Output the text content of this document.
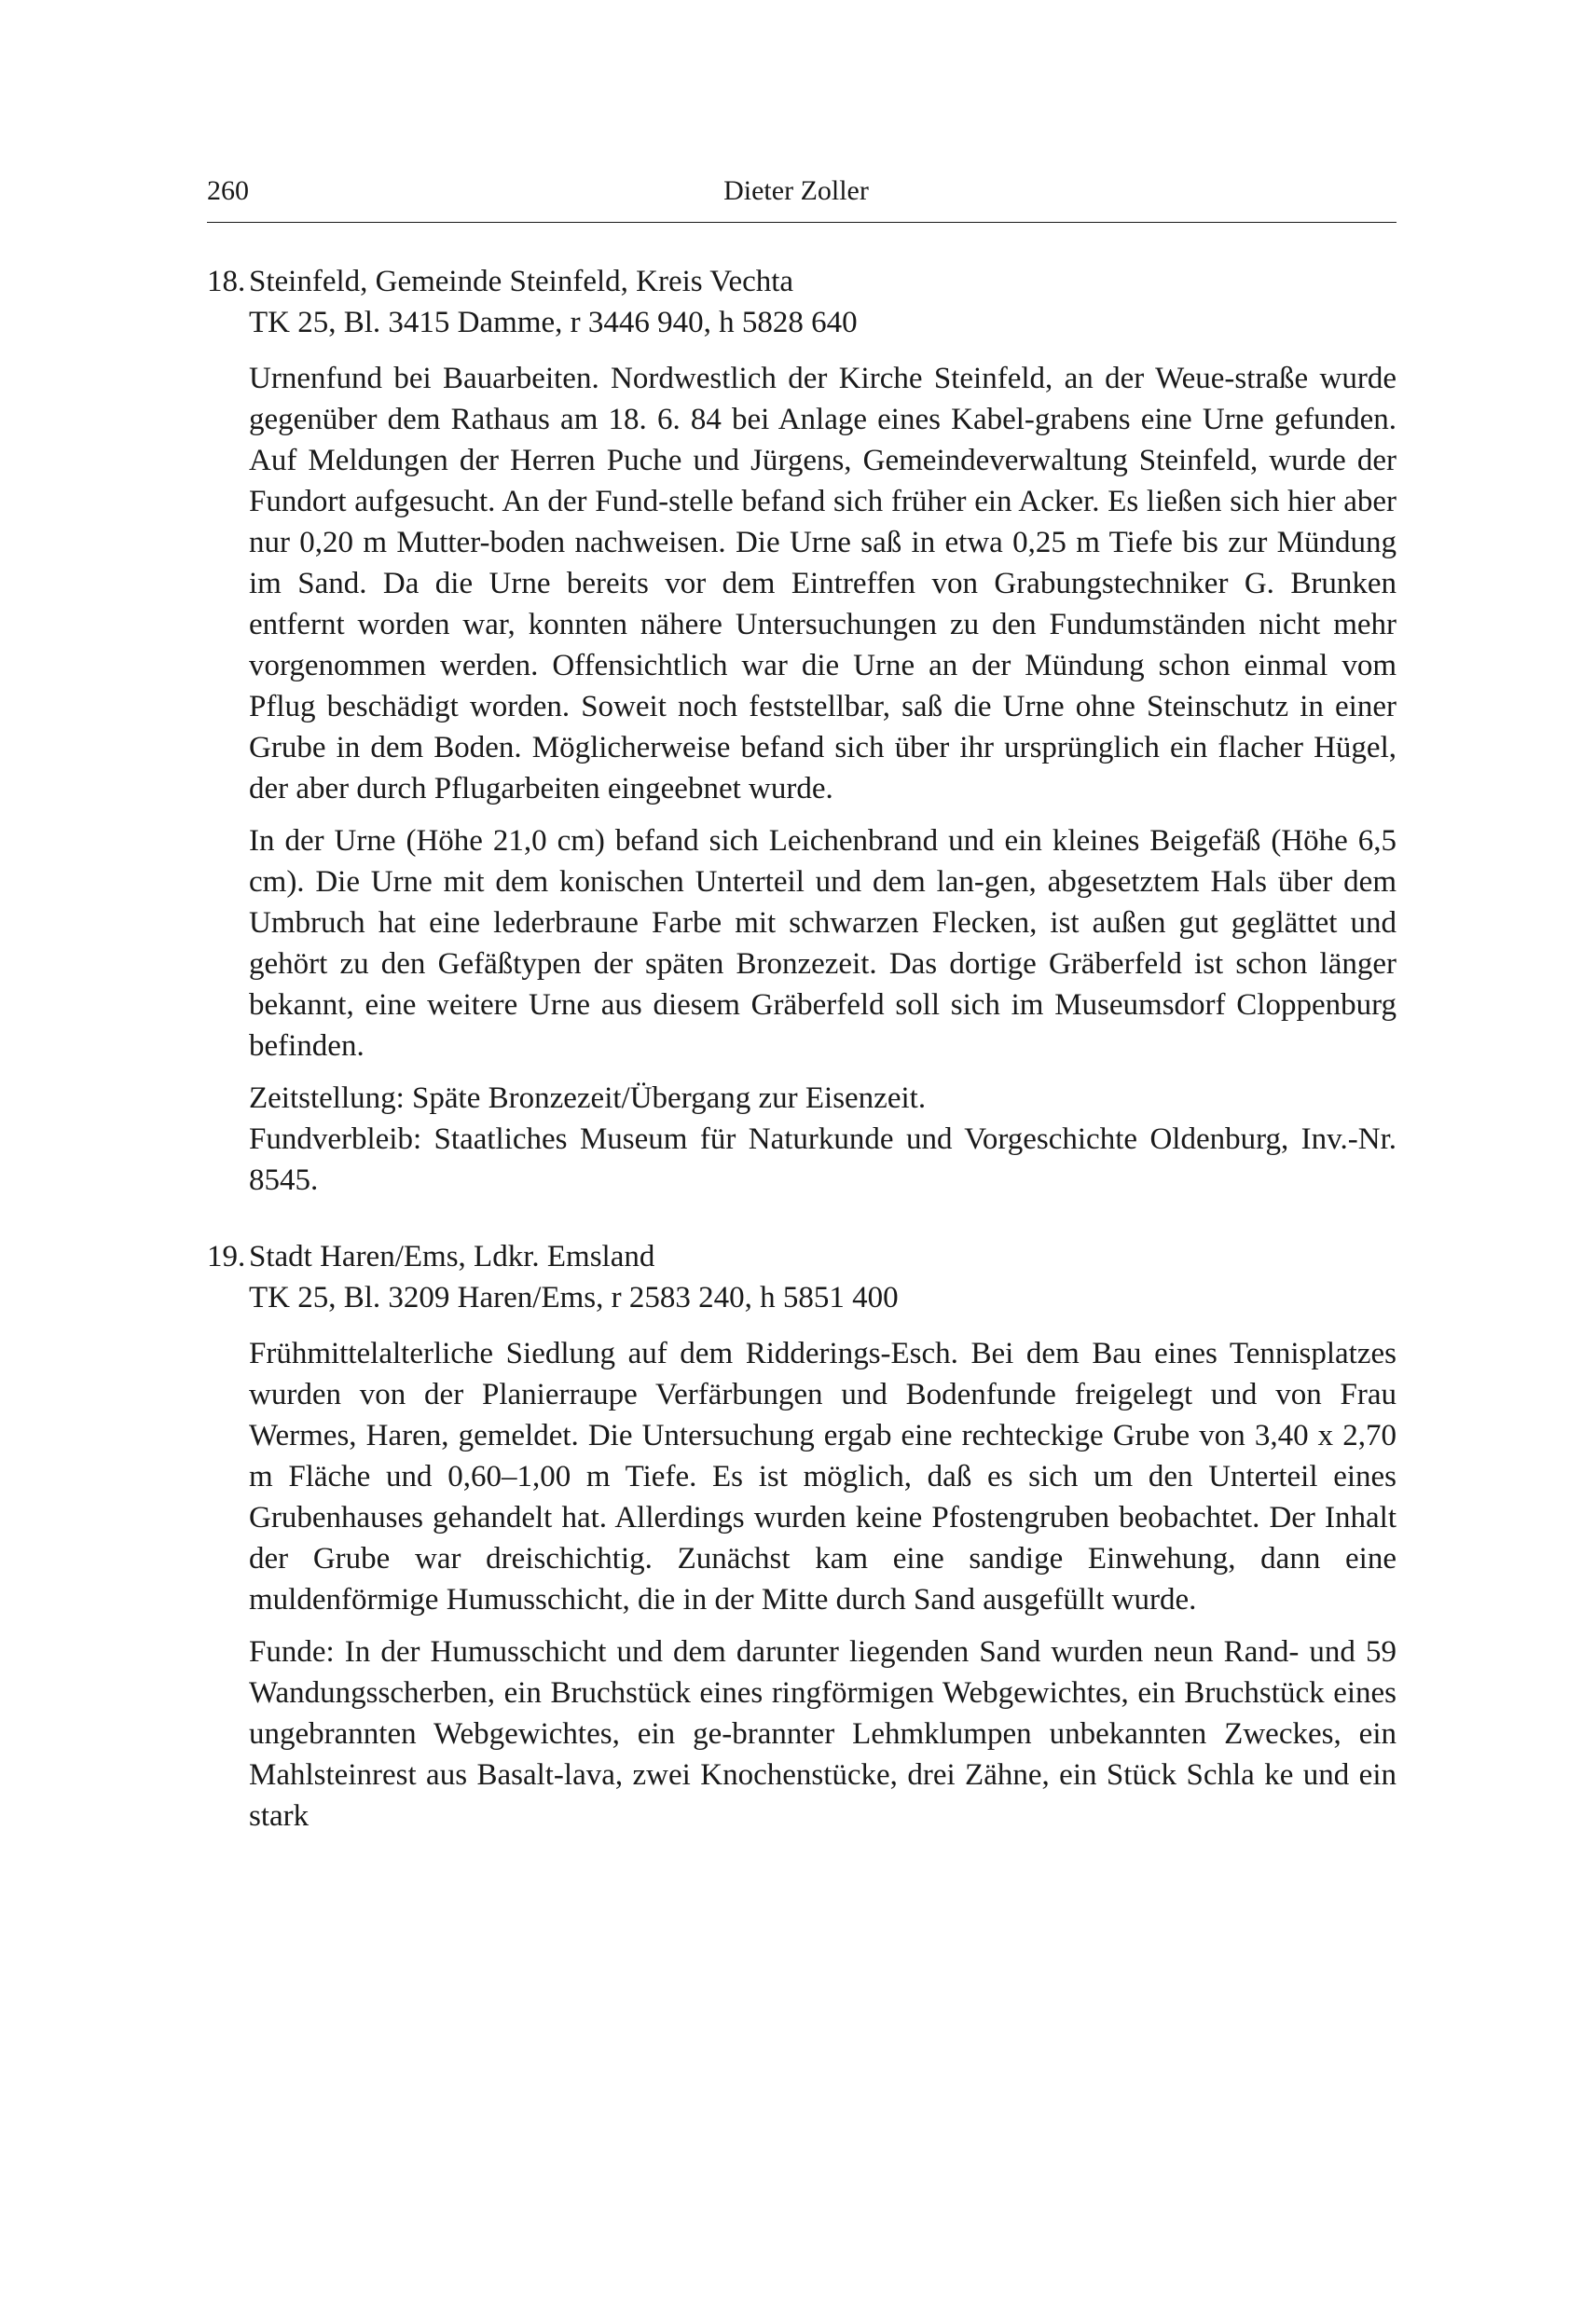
260	Dieter Zoller
18. Steinfeld, Gemeinde Steinfeld, Kreis Vechta
TK 25, Bl. 3415 Damme, r 3446 940, h 5828 640

Urnenfund bei Bauarbeiten. Nordwestlich der Kirche Steinfeld, an der Weue-straße wurde gegenüber dem Rathaus am 18. 6. 84 bei Anlage eines Kabel-grabens eine Urne gefunden. Auf Meldungen der Herren Puche und Jürgens, Gemeindeverwaltung Steinfeld, wurde der Fundort aufgesucht. An der Fund-stelle befand sich früher ein Acker. Es ließen sich hier aber nur 0,20 m Mutter-boden nachweisen. Die Urne saß in etwa 0,25 m Tiefe bis zur Mündung im Sand. Da die Urne bereits vor dem Eintreffen von Grabungstechniker G. Brunken entfernt worden war, konnten nähere Untersuchungen zu den Fundumständen nicht mehr vorgenommen werden. Offensichtlich war die Urne an der Mündung schon einmal vom Pflug beschädigt worden. Soweit noch feststellbar, saß die Urne ohne Steinschutz in einer Grube in dem Boden. Möglicherweise befand sich über ihr ursprünglich ein flacher Hügel, der aber durch Pflugarbeiten eingeebnet wurde.

In der Urne (Höhe 21,0 cm) befand sich Leichenbrand und ein kleines Beigefäß (Höhe 6,5 cm). Die Urne mit dem konischen Unterteil und dem lan-gen, abgesetztem Hals über dem Umbruch hat eine lederbraune Farbe mit schwarzen Flecken, ist außen gut geglättet und gehört zu den Gefäßtypen der späten Bronzezeit. Das dortige Gräberfeld ist schon länger bekannt, eine weitere Urne aus diesem Gräberfeld soll sich im Museumsdorf Cloppenburg befinden.

Zeitstellung: Späte Bronzezeit/Übergang zur Eisenzeit.
Fundverbleib: Staatliches Museum für Naturkunde und Vorgeschichte Oldenburg, Inv.-Nr. 8545.

19. Stadt Haren/Ems, Ldkr. Emsland
TK 25, Bl. 3209 Haren/Ems, r 2583 240, h 5851 400

Frühmittelalterliche Siedlung auf dem Ridderings-Esch. Bei dem Bau eines Tennisplatzes wurden von der Planierraupe Verfärbungen und Bodenfunde freigelegt und von Frau Wermes, Haren, gemeldet. Die Untersuchung ergab eine rechteckige Grube von 3,40 x 2,70 m Fläche und 0,60–1,00 m Tiefe. Es ist möglich, daß es sich um den Unterteil eines Grubenhauses gehandelt hat. Allerdings wurden keine Pfostengruben beobachtet. Der Inhalt der Grube war dreischichtig. Zunächst kam eine sandige Einwehung, dann eine muldenförmige Humusschicht, die in der Mitte durch Sand ausgefüllt wurde.

Funde: In der Humusschicht und dem darunter liegenden Sand wurden neun Rand- und 59 Wandungsscherben, ein Bruchstück eines ringförmigen Webgewichtes, ein Bruchstück eines ungebrannten Webgewichtes, ein ge-brannter Lehmklumpen unbekannten Zweckes, ein Mahlsteinrest aus Basalt-lava, zwei Knochenstücke, drei Zähne, ein Stück Schla ke und ein stark
